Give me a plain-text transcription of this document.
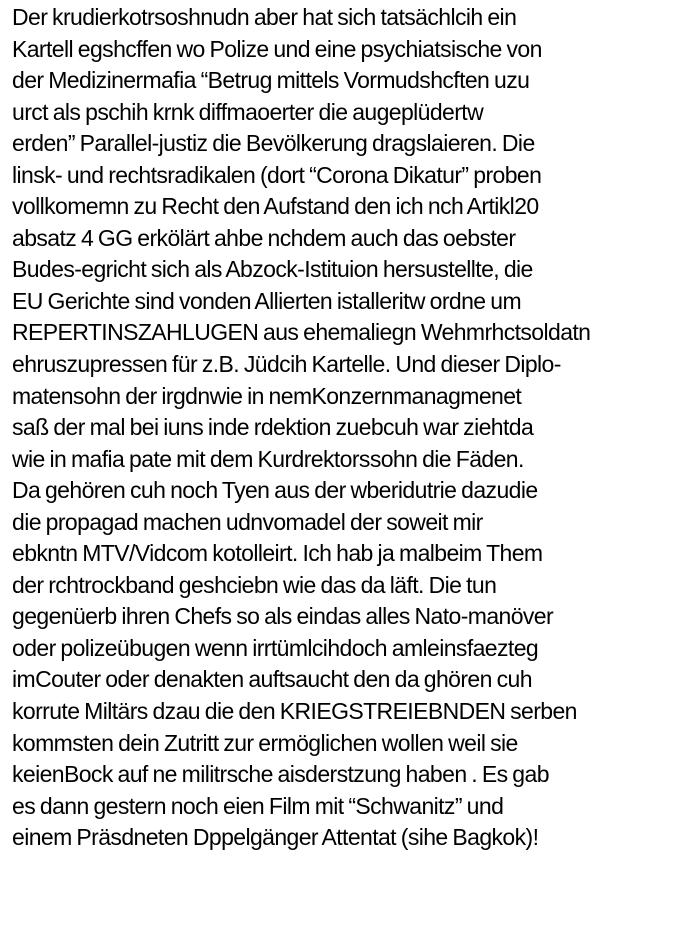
Der krudierkotrsoshnudn aber hat sich tatsächlcih ein
Kartell egshcffen wo Polize und eine psychiatsische von
der Medizinermafia “Betrug mittels Vormudshcften uzu
urct als pschih krnk diffmaoerter die augeplüdertw
erden” Parallel-justiz die Bevölkerung dragslaieren. Die
linsk- und rechtsradikalen (dort “Corona Dikatur” proben
vollkomemn zu Recht den Aufstand den ich nch Artikl20
absatz 4 GG erkölärt ahbe nchdem auch das oebster
Budes-egricht sich als Abzock-Istituion hersustellte, die
EU Gerichte sind vonden Allierten istalleritw ordne um
REPERTINSZAHLUGEN aus ehemaliegn Wehmrhctsoldatn
ehruszupressen für z.B. Jüdcih Kartelle. Und dieser Diplo-
matensohn der irgdnwie in nemKonzernmanagmenet
saß der mal bei iuns inde rdektion zuebcuh war ziehtda
wie in mafia pate mit dem Kurdrektorssohn die Fäden.
Da gehören cuh noch Tyen aus der wberidutrie dazudie
die propagad machen udnvomadel der soweit mir
ebkntn MTV/Vidcom kotolleirt. Ich hab ja malbeim Them
der rchtrockband geshciebn wie das da läft. Die tun
gegenüerb ihren Chefs so als eindas alles Nato-manöver
oder polizeübugen wenn irrtümlcihdoch amleinsfaezteg
imCouter oder denakten auftsaucht den da ghören cuh
korrute Miltärs dzau die den KRIEGSTREIEBNDEN serben
kommsten dein Zutritt zur ermöglichen wollen weil sie
keienBock auf ne militrsche aisderstzung haben . Es gab
es dann gestern noch eien Film mit “Schwanitz” und
einem Präsdneten Dppelgänger Attentat (sihe Bagkok)!
